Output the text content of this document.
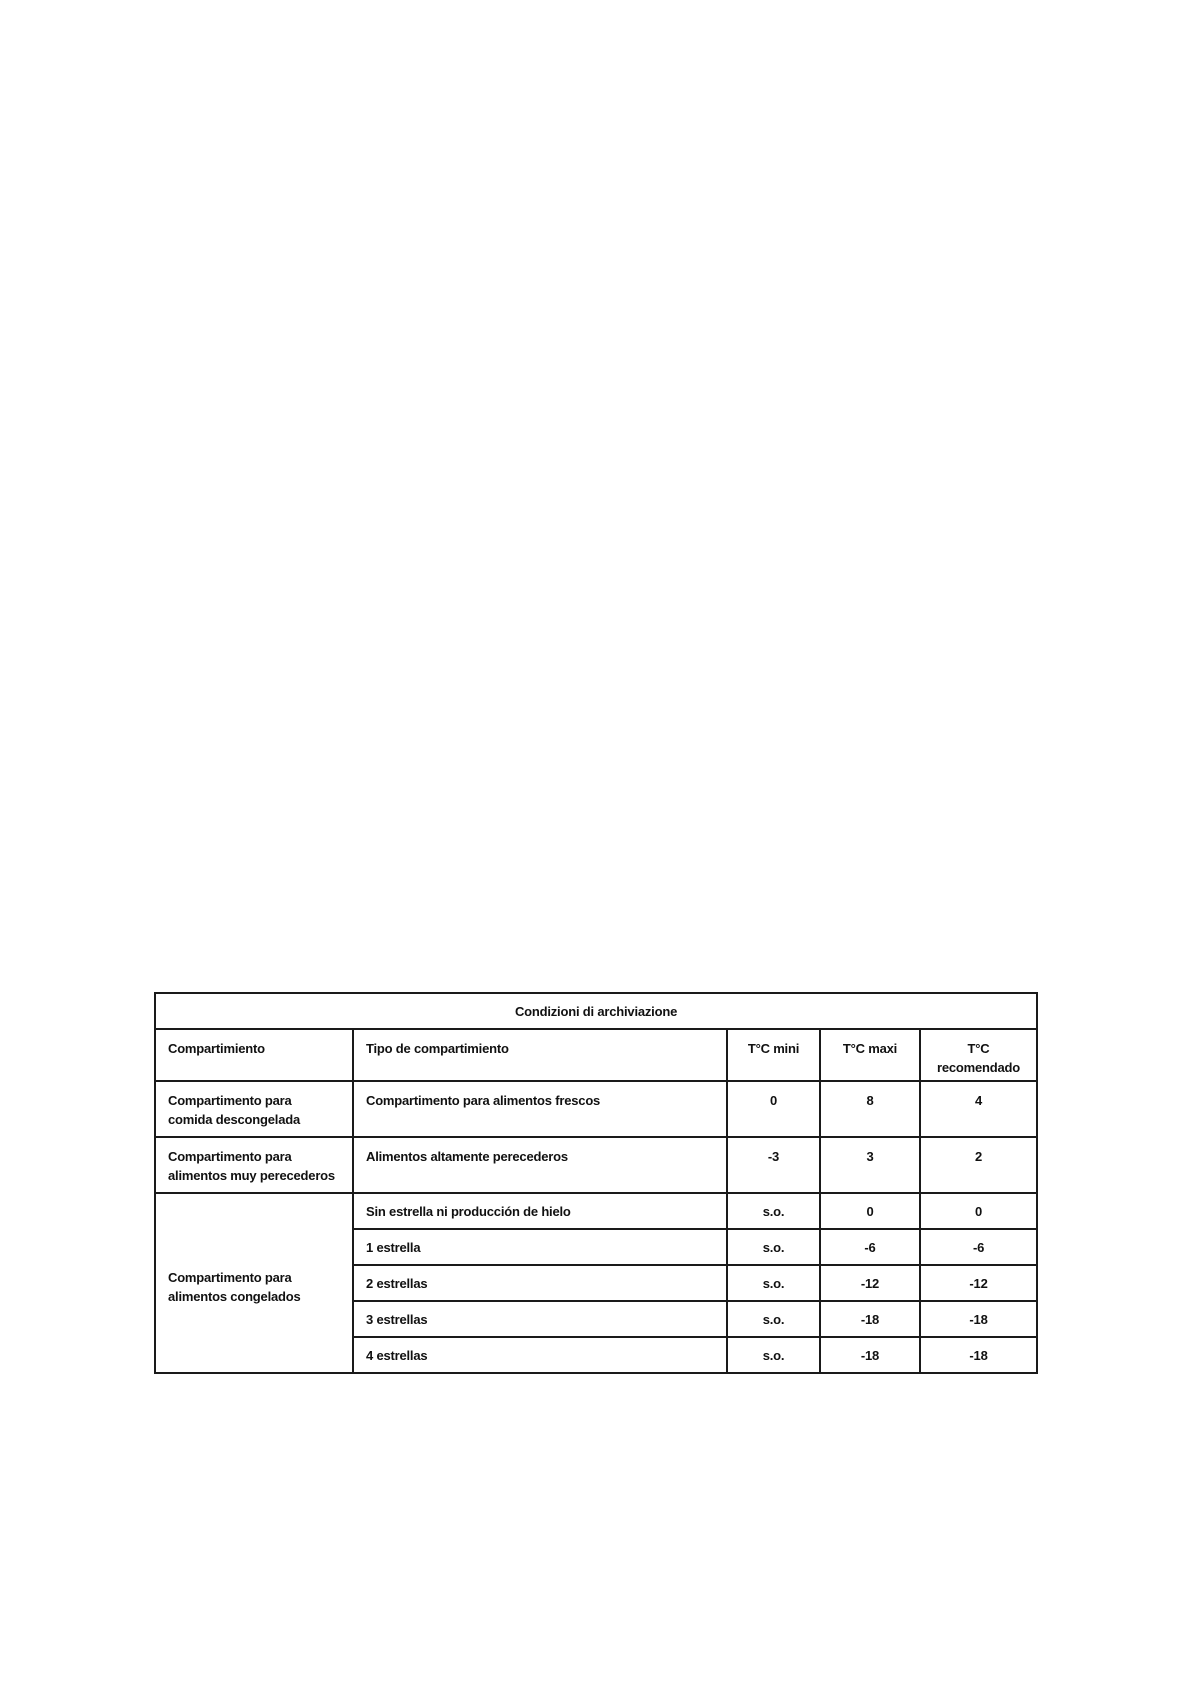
Condizioni di archiviazione				
Compartimiento	Tipo de compartimiento	T°C mini	T°C maxi	T°C
recomendado
Compartimento para
comida descongelada	Compartimento para alimentos frescos	0	8	4
Compartimento para
alimentos muy perecederos	Alimentos altamente perecederos	-3	3	2
Compartimento para
alimentos congelados	Sin estrella ni producción de hielo	s.o.	0	0
	1 estrella	s.o.	-6	-6
	2 estrellas	s.o.	-12	-12
	3 estrellas	s.o.	-18	-18
	4 estrellas	s.o.	-18	-18
